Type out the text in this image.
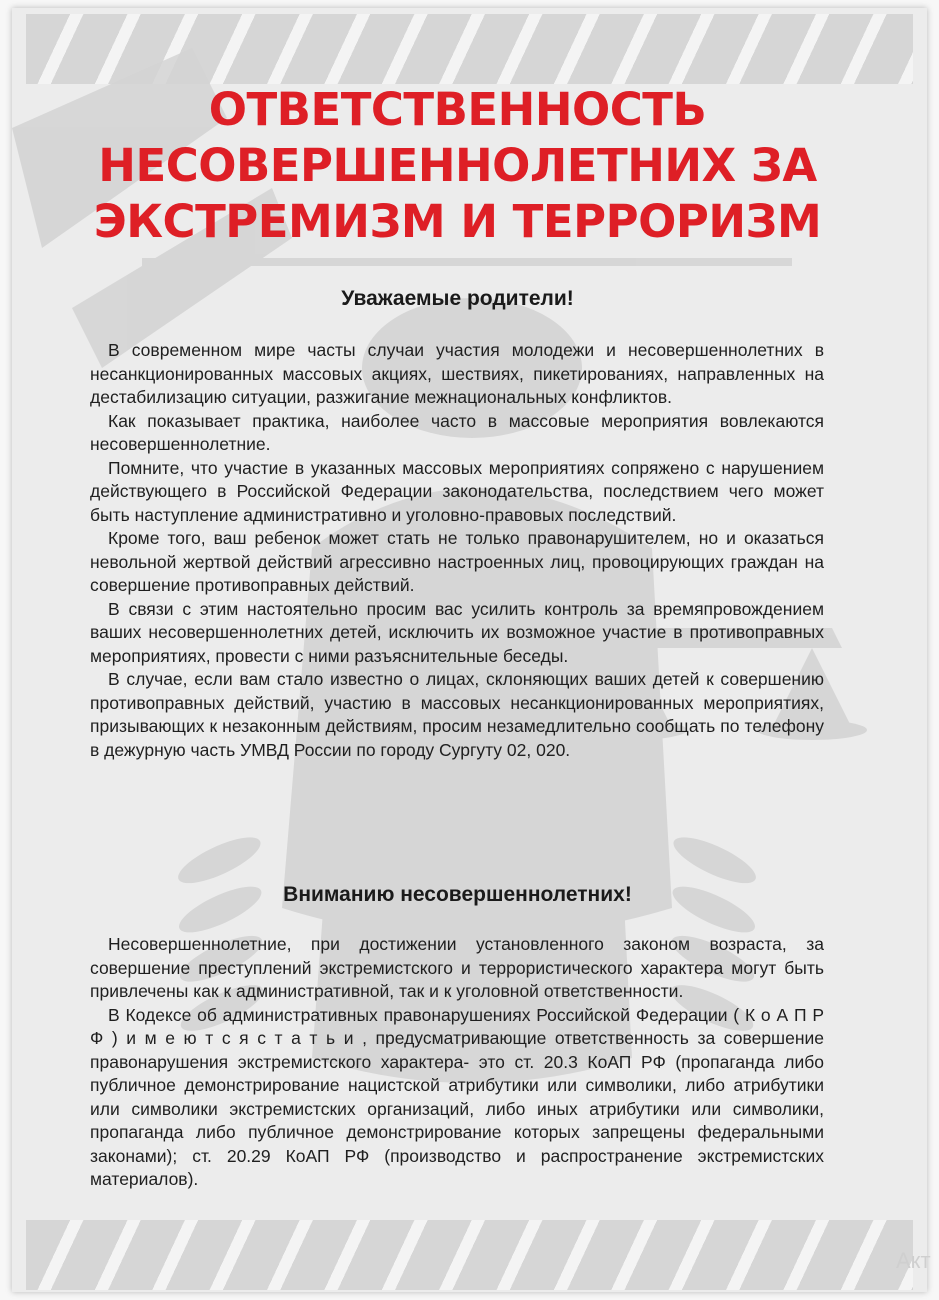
ОТВЕТСТВЕННОСТЬ
НЕСОВЕРШЕННОЛЕТНИХ ЗА
ЭКСТРЕМИЗМ И ТЕРРОРИЗМ
Уважаемые родители!

В современном мире часты случаи участия молодежи и несовершеннолетних в несанкционированных массовых акциях, шествиях, пикетированиях, направленных на дестабилизацию ситуации, разжигание межнациональных конфликтов.

Как показывает практика, наиболее часто в массовые мероприятия вовлекаются несовершеннолетние.

Помните, что участие в указанных массовых мероприятиях сопряжено с нарушением действующего в Российской Федерации законодательства, последствием чего может быть наступление административно и уголовно-правовых последствий.

Кроме того, ваш ребенок может стать не только правонарушителем, но и оказаться невольной жертвой действий агрессивно настроенных лиц, провоцирующих граждан на совершение противоправных действий.

В связи с этим настоятельно просим вас усилить контроль за времяпровождением ваших несовершеннолетних детей, исключить их возможное участие в противоправных мероприятиях, провести с ними разъяснительные беседы.

В случае, если вам стало известно о лицах, склоняющих ваших детей к совершению противоправных действий, участию в массовых несанкционированных мероприятиях, призывающих к незаконным действиям, просим незамедлительно сообщать по телефону в дежурную часть УМВД России по городу Сургуту 02, 020.

Вниманию несовершеннолетних!

Несовершеннолетние, при достижении установленного законом возраста, за совершение преступлений экстремистского и террористического характера могут быть привлечены как к административной, так и к уголовной ответственности.

В Кодексе об административных правонарушениях Российской Федерации ( К о А П Р Ф ) и м е ю т с я с т а т ь и , предусматривающие ответственность за совершение правонарушения экстремистского характера- это ст. 20.3 КоАП РФ (пропаганда либо публичное демонстрирование нацистской атрибутики или символики, либо атрибутики или символики экстремистских организаций, либо иных атрибутики или символики, пропаганда либо публичное демонстрирование которых запрещены федеральными законами); ст. 20.29 КоАП РФ (производство и распространение экстремистских материалов).

Акт
